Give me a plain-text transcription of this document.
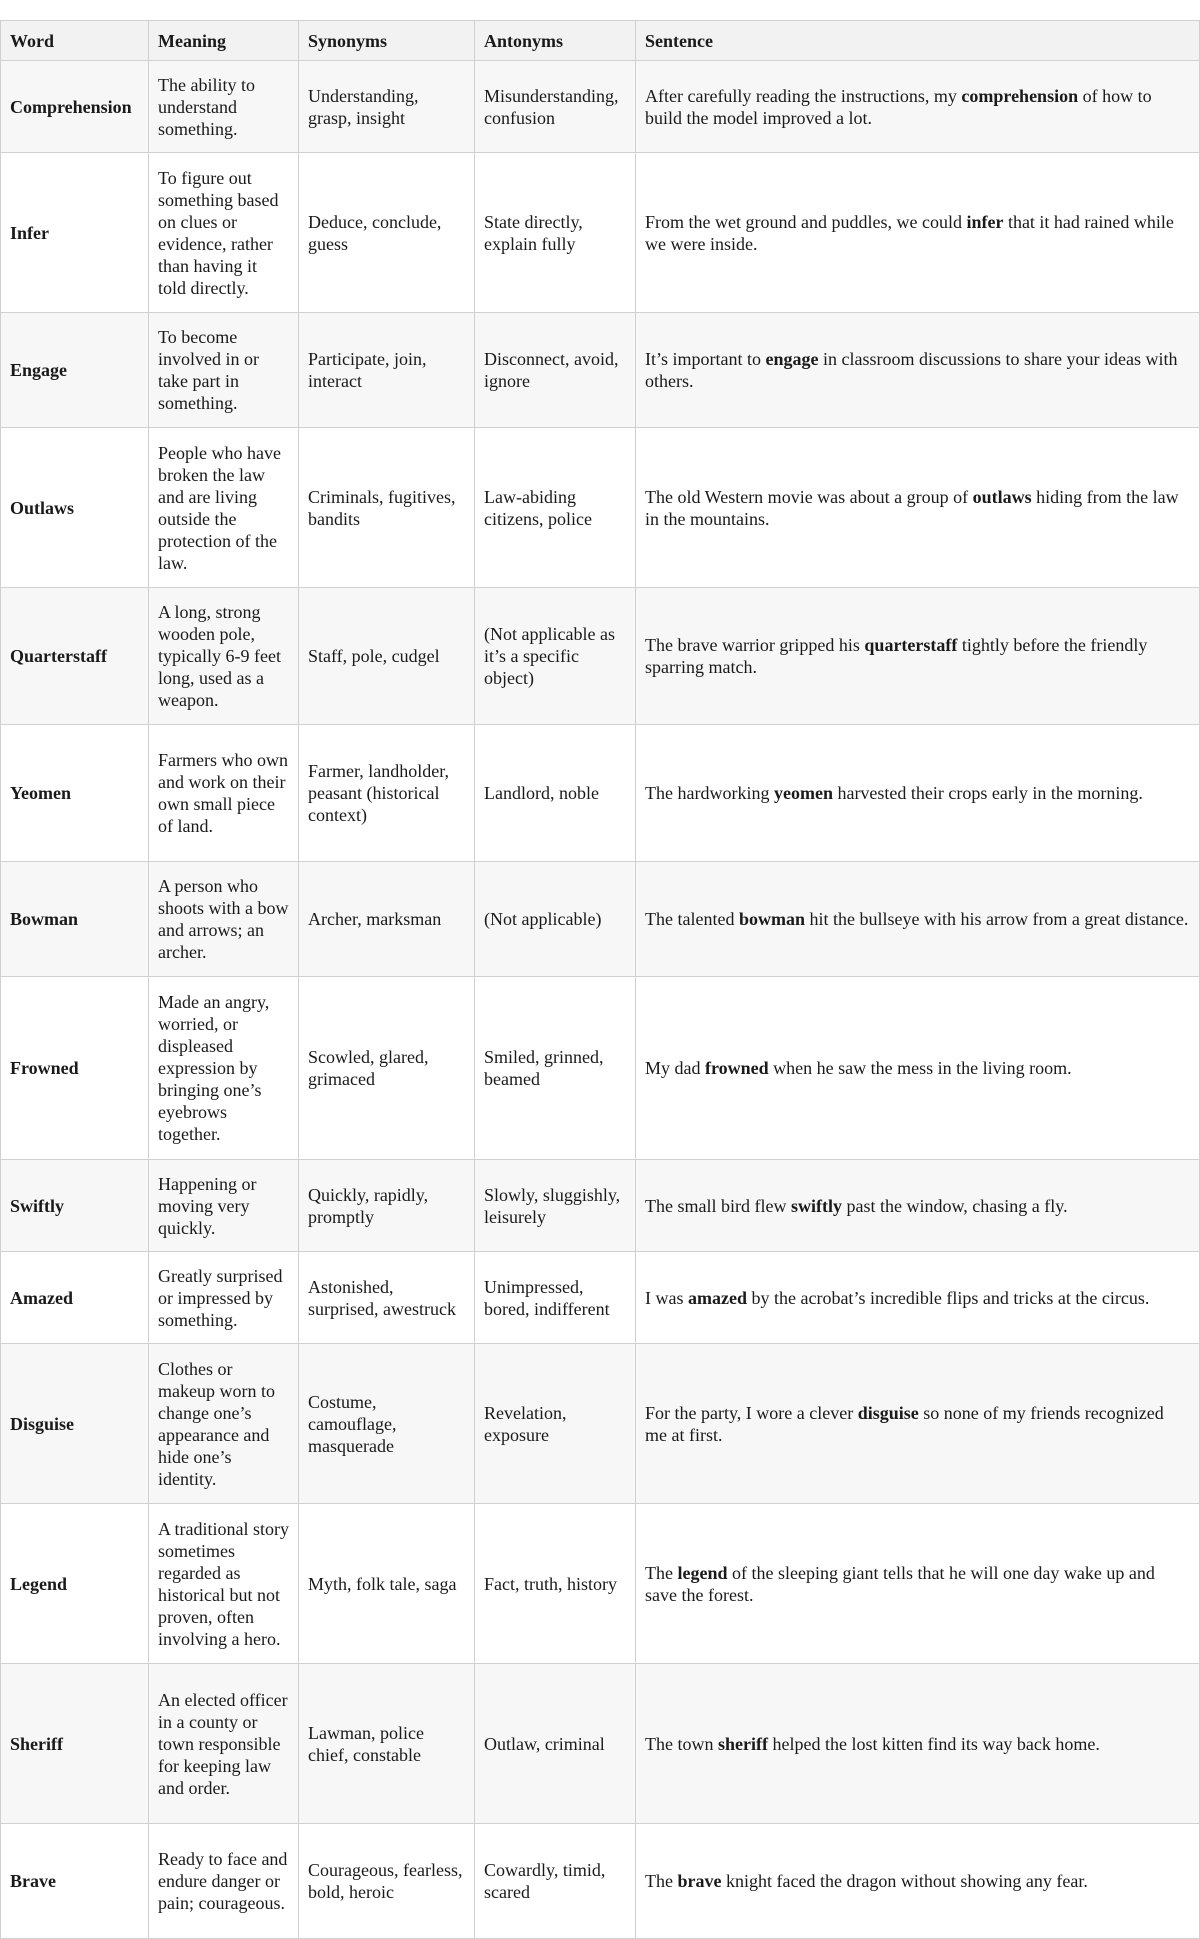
Word	Meaning	Synonyms	Antonyms	Sentence
Comprehension	The ability to understand something.	Understanding, grasp, insight	Misunderstanding, confusion	After carefully reading the instructions, my comprehension of how to build the model improved a lot.
Infer	To figure out something based on clues or evidence, rather than having it told directly.	Deduce, conclude, guess	State directly, explain fully	From the wet ground and puddles, we could infer that it had rained while we were inside.
Engage	To become involved in or take part in something.	Participate, join, interact	Disconnect, avoid, ignore	It’s important to engage in classroom discussions to share your ideas with others.
Outlaws	People who have broken the law and are living outside the protection of the law.	Criminals, fugitives, bandits	Law-abiding citizens, police	The old Western movie was about a group of outlaws hiding from the law in the mountains.
Quarterstaff	A long, strong wooden pole, typically 6-9 feet long, used as a weapon.	Staff, pole, cudgel	(Not applicable as it’s a specific object)	The brave warrior gripped his quarterstaff tightly before the friendly sparring match.
Yeomen	Farmers who own and work on their own small piece of land.	Farmer, landholder, peasant (historical context)	Landlord, noble	The hardworking yeomen harvested their crops early in the morning.
Bowman	A person who shoots with a bow and arrows; an archer.	Archer, marksman	(Not applicable)	The talented bowman hit the bullseye with his arrow from a great distance.
Frowned	Made an angry, worried, or displeased expression by bringing one’s eyebrows together.	Scowled, glared, grimaced	Smiled, grinned, beamed	My dad frowned when he saw the mess in the living room.
Swiftly	Happening or moving very quickly.	Quickly, rapidly, promptly	Slowly, sluggishly, leisurely	The small bird flew swiftly past the window, chasing a fly.
Amazed	Greatly surprised or impressed by something.	Astonished, surprised, awestruck	Unimpressed, bored, indifferent	I was amazed by the acrobat’s incredible flips and tricks at the circus.
Disguise	Clothes or makeup worn to change one’s appearance and hide one’s identity.	Costume, camouflage, masquerade	Revelation, exposure	For the party, I wore a clever disguise so none of my friends recognized me at first.
Legend	A traditional story sometimes regarded as historical but not proven, often involving a hero.	Myth, folk tale, saga	Fact, truth, history	The legend of the sleeping giant tells that he will one day wake up and save the forest.
Sheriff	An elected officer in a county or town responsible for keeping law and order.	Lawman, police chief, constable	Outlaw, criminal	The town sheriff helped the lost kitten find its way back home.
Brave	Ready to face and endure danger or pain; courageous.	Courageous, fearless, bold, heroic	Cowardly, timid, scared	The brave knight faced the dragon without showing any fear.
